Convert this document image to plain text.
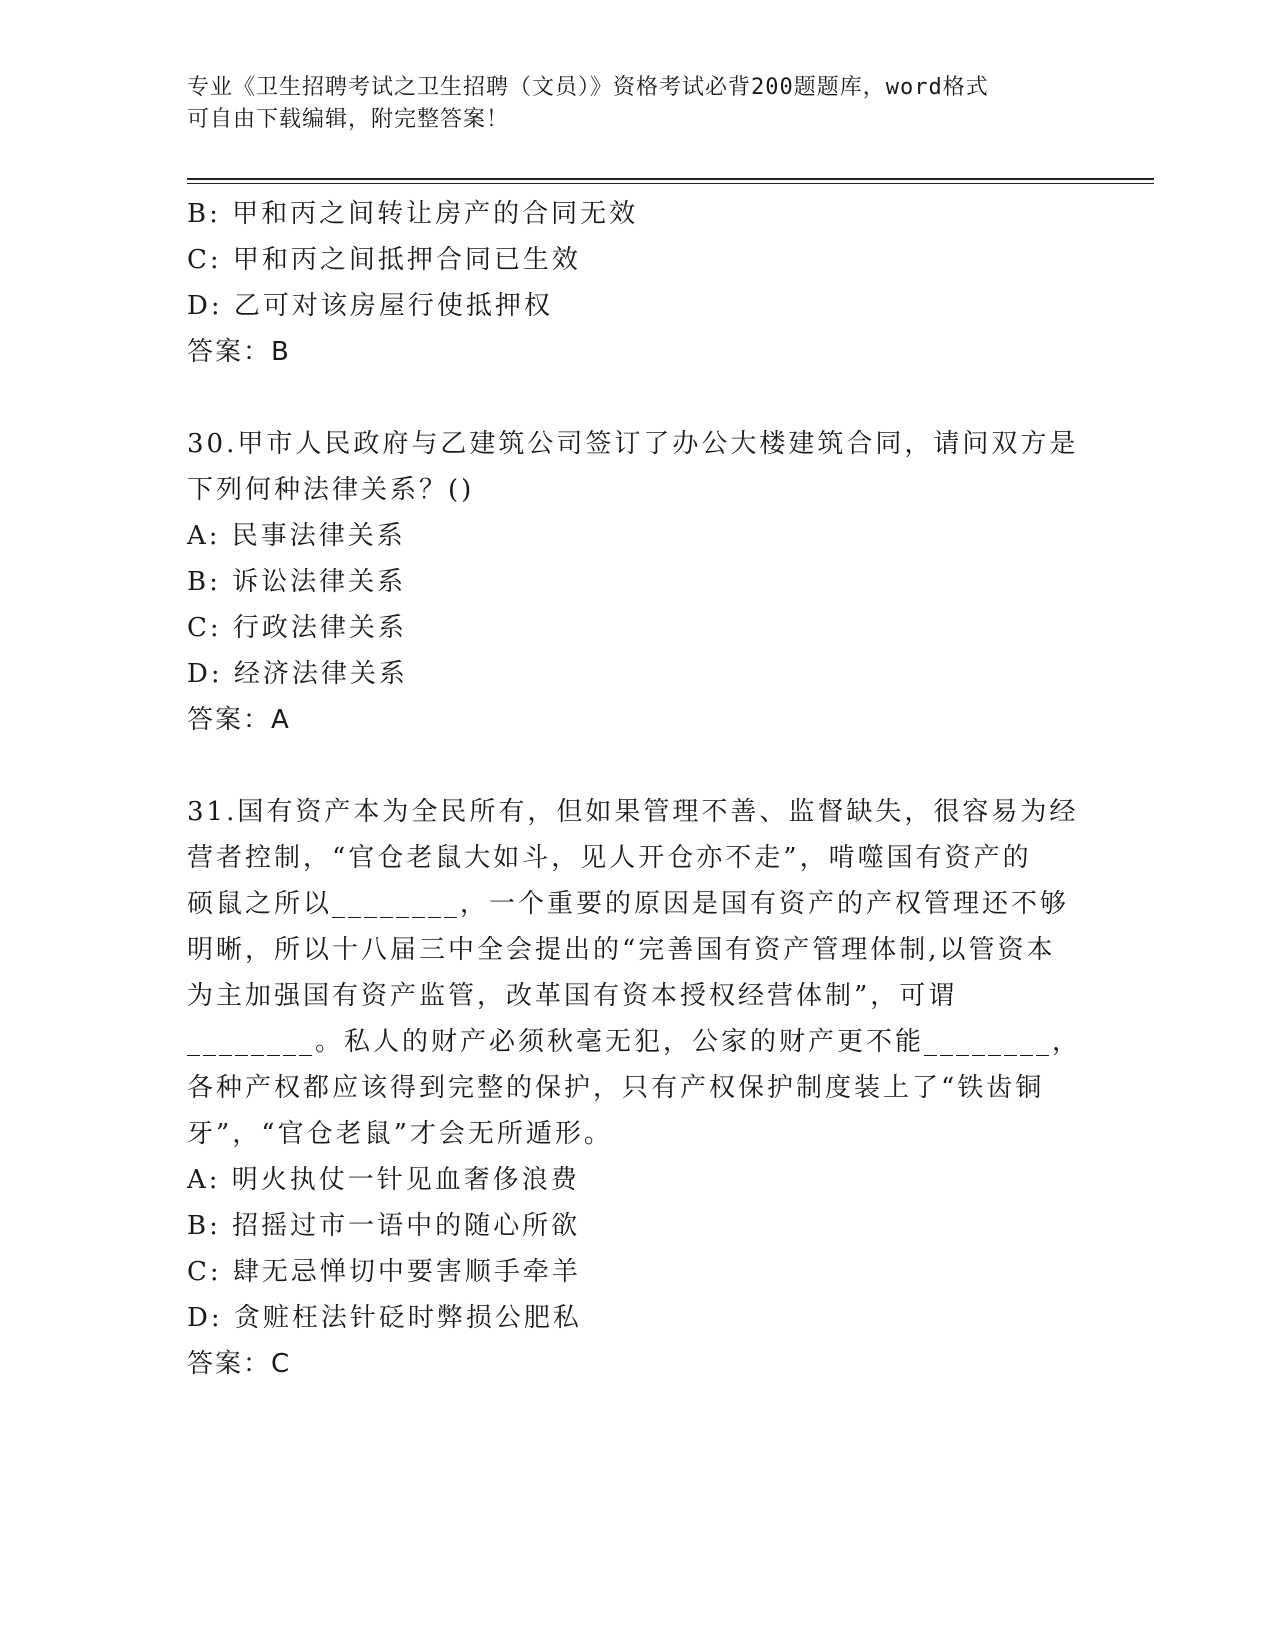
专业《卫生招聘考试之卫生招聘（文员）》资格考试必背200题题库，word格式
可自由下载编辑，附完整答案！
B: 甲和丙之间转让房产的合同无效
C: 甲和丙之间抵押合同已生效
D: 乙可对该房屋行使抵押权
答案：B
30.甲市人民政府与乙建筑公司签订了办公大楼建筑合同，请问双方是
下列何种法律关系？()
A: 民事法律关系
B: 诉讼法律关系
C: 行政法律关系
D: 经济法律关系
答案：A
31.国有资产本为全民所有，但如果管理不善、监督缺失，很容易为经
营者控制，“官仓老鼠大如斗，见人开仓亦不走”，啃噬国有资产的
硕鼠之所以________，一个重要的原因是国有资产的产权管理还不够
明晰，所以十八届三中全会提出的“完善国有资产管理体制,以管资本
为主加强国有资产监管，改革国有资本授权经营体制”，可谓
________。私人的财产必须秋毫无犯，公家的财产更不能________，
各种产权都应该得到完整的保护，只有产权保护制度装上了“铁齿铜
牙”，“官仓老鼠”才会无所遁形。
A: 明火执仗一针见血奢侈浪费
B: 招摇过市一语中的随心所欲
C: 肆无忌惮切中要害顺手牵羊
D: 贪赃枉法针砭时弊损公肥私
答案：C
